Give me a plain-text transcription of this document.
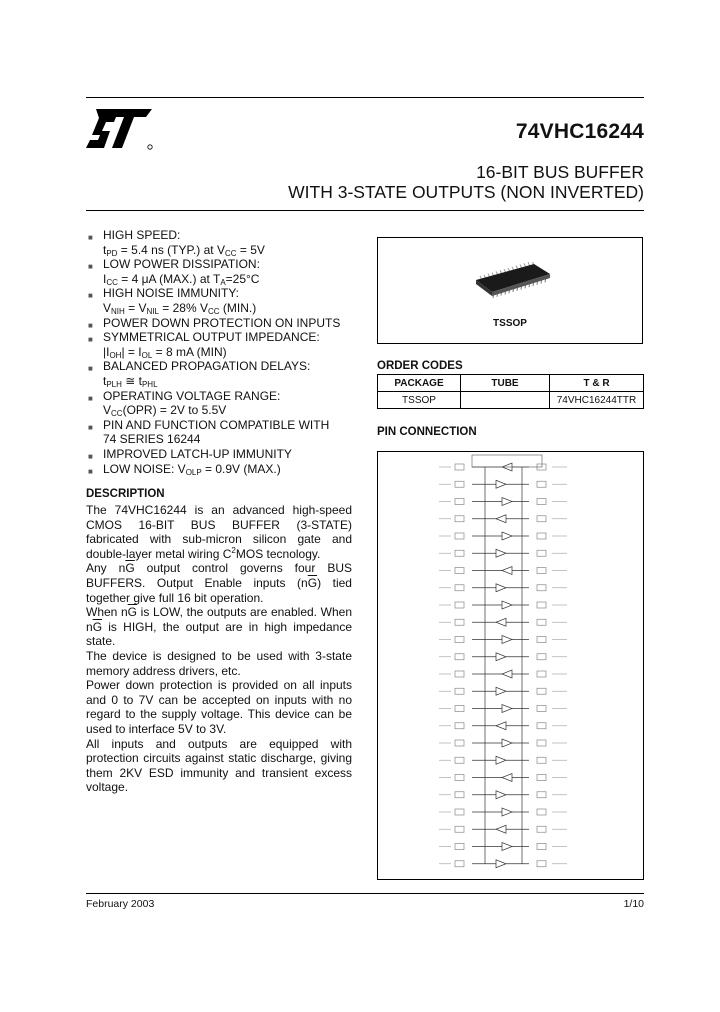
74VHC16244
16-BIT BUS BUFFER
WITH 3-STATE OUTPUTS (NON INVERTED)
■ HIGH SPEED:
$t_{PD} = 5.4$ ns (TYP.) at $V_{CC} = 5V$
■ LOW POWER DISSIPATION:
$I_{CC} = 4$ μA (MAX.) at $T_A=25^\circ C$
■ HIGH NOISE IMMUNITY:
$V_{NIH} = V_{NIL} = 28\%$ $V_{CC}$ (MIN.)
■ POWER DOWN PROTECTION ON INPUTS
■ SYMMETRICAL OUTPUT IMPEDANCE:
$|I_{OH}| = I_{OL} = 8$ mA (MIN)
■ BALANCED PROPAGATION DELAYS:
$t_{PLH}$ ≅ $t_{PHL}$
■ OPERATING VOLTAGE RANGE:
$V_{CC}(OPR) = 2V$ to 5.5V
■ PIN AND FUNCTION COMPATIBLE WITH
74 SERIES 16244
■ IMPROVED LATCH-UP IMMUNITY
■ LOW NOISE: $V_{OLP} = 0.9V$ (MAX.)
DESCRIPTION

The 74VHC16244 is an advanced high-speed CMOS 16-BIT BUS BUFFER (3-STATE) fabricated with sub-micron silicon gate and double-layer metal wiring $C^2MOS$ tecnology.

Any $n\overline{G}$ output control governs four BUS BUFFERS. Output Enable inputs $(n\overline{G})$ tied together give full 16 bit operation.

When $n\overline{G}$ is LOW, the outputs are enabled. When $n\overline{G}$ is HIGH, the output are in high impedance state.

The device is designed to be used with 3-state memory address drivers, etc.

Power down protection is provided on all inputs and 0 to 7V can be accepted on inputs with no regard to the supply voltage. This device can be used to interface 5V to 3V.

All inputs and outputs are equipped with protection circuits against static discharge, giving them 2KV ESD immunity and transient excess voltage.

TSSOP
ORDER CODES
PACKAGE	TUBE	T & R
TSSOP		74VHC16244TTR
PIN CONNECTION
February 2003	1/10
